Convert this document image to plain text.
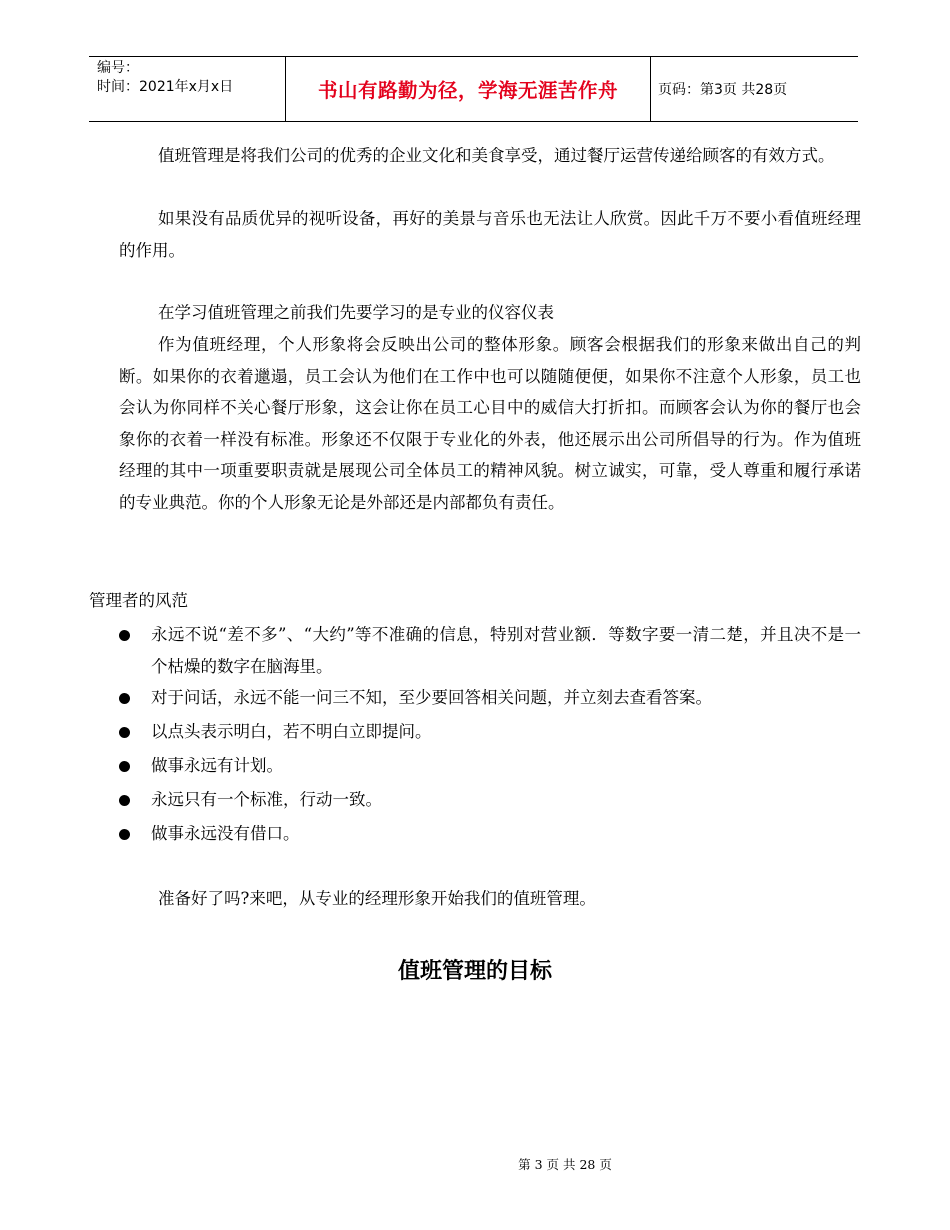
编号：
时间：2021年x月x日	书山有路勤为径，学海无涯苦作舟	页码：第3页 共28页

值班管理是将我们公司的优秀的企业文化和美食享受，通过餐厅运营传递给顾客的有效方式。

如果没有品质优异的视听设备，再好的美景与音乐也无法让人欣赏。因此千万不要小看值班经理的作用。

在学习值班管理之前我们先要学习的是专业的仪容仪表

作为值班经理，个人形象将会反映出公司的整体形象。顾客会根据我们的形象来做出自己的判断。如果你的衣着邋遢，员工会认为他们在工作中也可以随随便便，如果你不注意个人形象，员工也会认为你同样不关心餐厅形象，这会让你在员工心目中的威信大打折扣。而顾客会认为你的餐厅也会象你的衣着一样没有标准。形象还不仅限于专业化的外表，他还展示出公司所倡导的行为。作为值班经理的其中一项重要职责就是展现公司全体员工的精神风貌。树立诚实，可靠，受人尊重和履行承诺的专业典范。你的个人形象无论是外部还是内部都负有责任。

管理者的风范

永远不说“差不多”、“大约”等不准确的信息，特别对营业额．等数字要一清二楚，并且决不是一个枯燥的数字在脑海里。
对于问话，永远不能一问三不知，至少要回答相关问题，并立刻去查看答案。
以点头表示明白，若不明白立即提问。
做事永远有计划。
永远只有一个标准，行动一致。
做事永远没有借口。

准备好了吗?来吧，从专业的经理形象开始我们的值班管理。

值班管理的目标
第 3 页 共 28 页
